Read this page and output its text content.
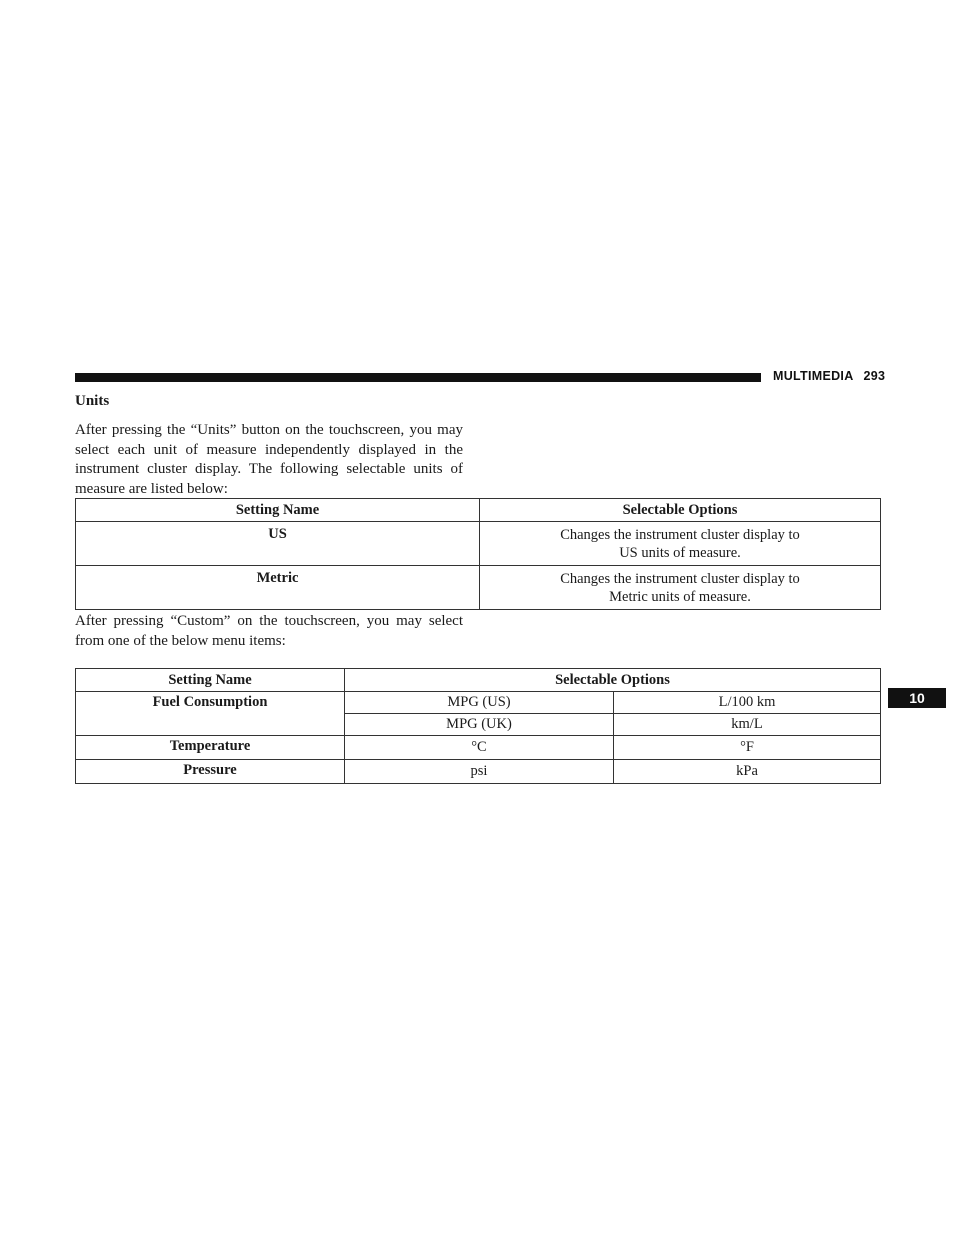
MULTIMEDIA 293
10
Units
After pressing the “Units” button on the touchscreen, you may select each unit of measure independently displayed in the instrument cluster display. The following selectable units of measure are listed below:
Setting Name	Selectable Options
US	Changes the instrument cluster display to
US units of measure.

Metric	Changes the instrument cluster display to
Metric units of measure.
After pressing “Custom” on the touchscreen, you may select from one of the below menu items:
Setting Name	Selectable Options	
Fuel Consumption	MPG (US)	L/100 km
	MPG (UK)	km/L
Temperature	°C	°F
Pressure	psi	kPa
